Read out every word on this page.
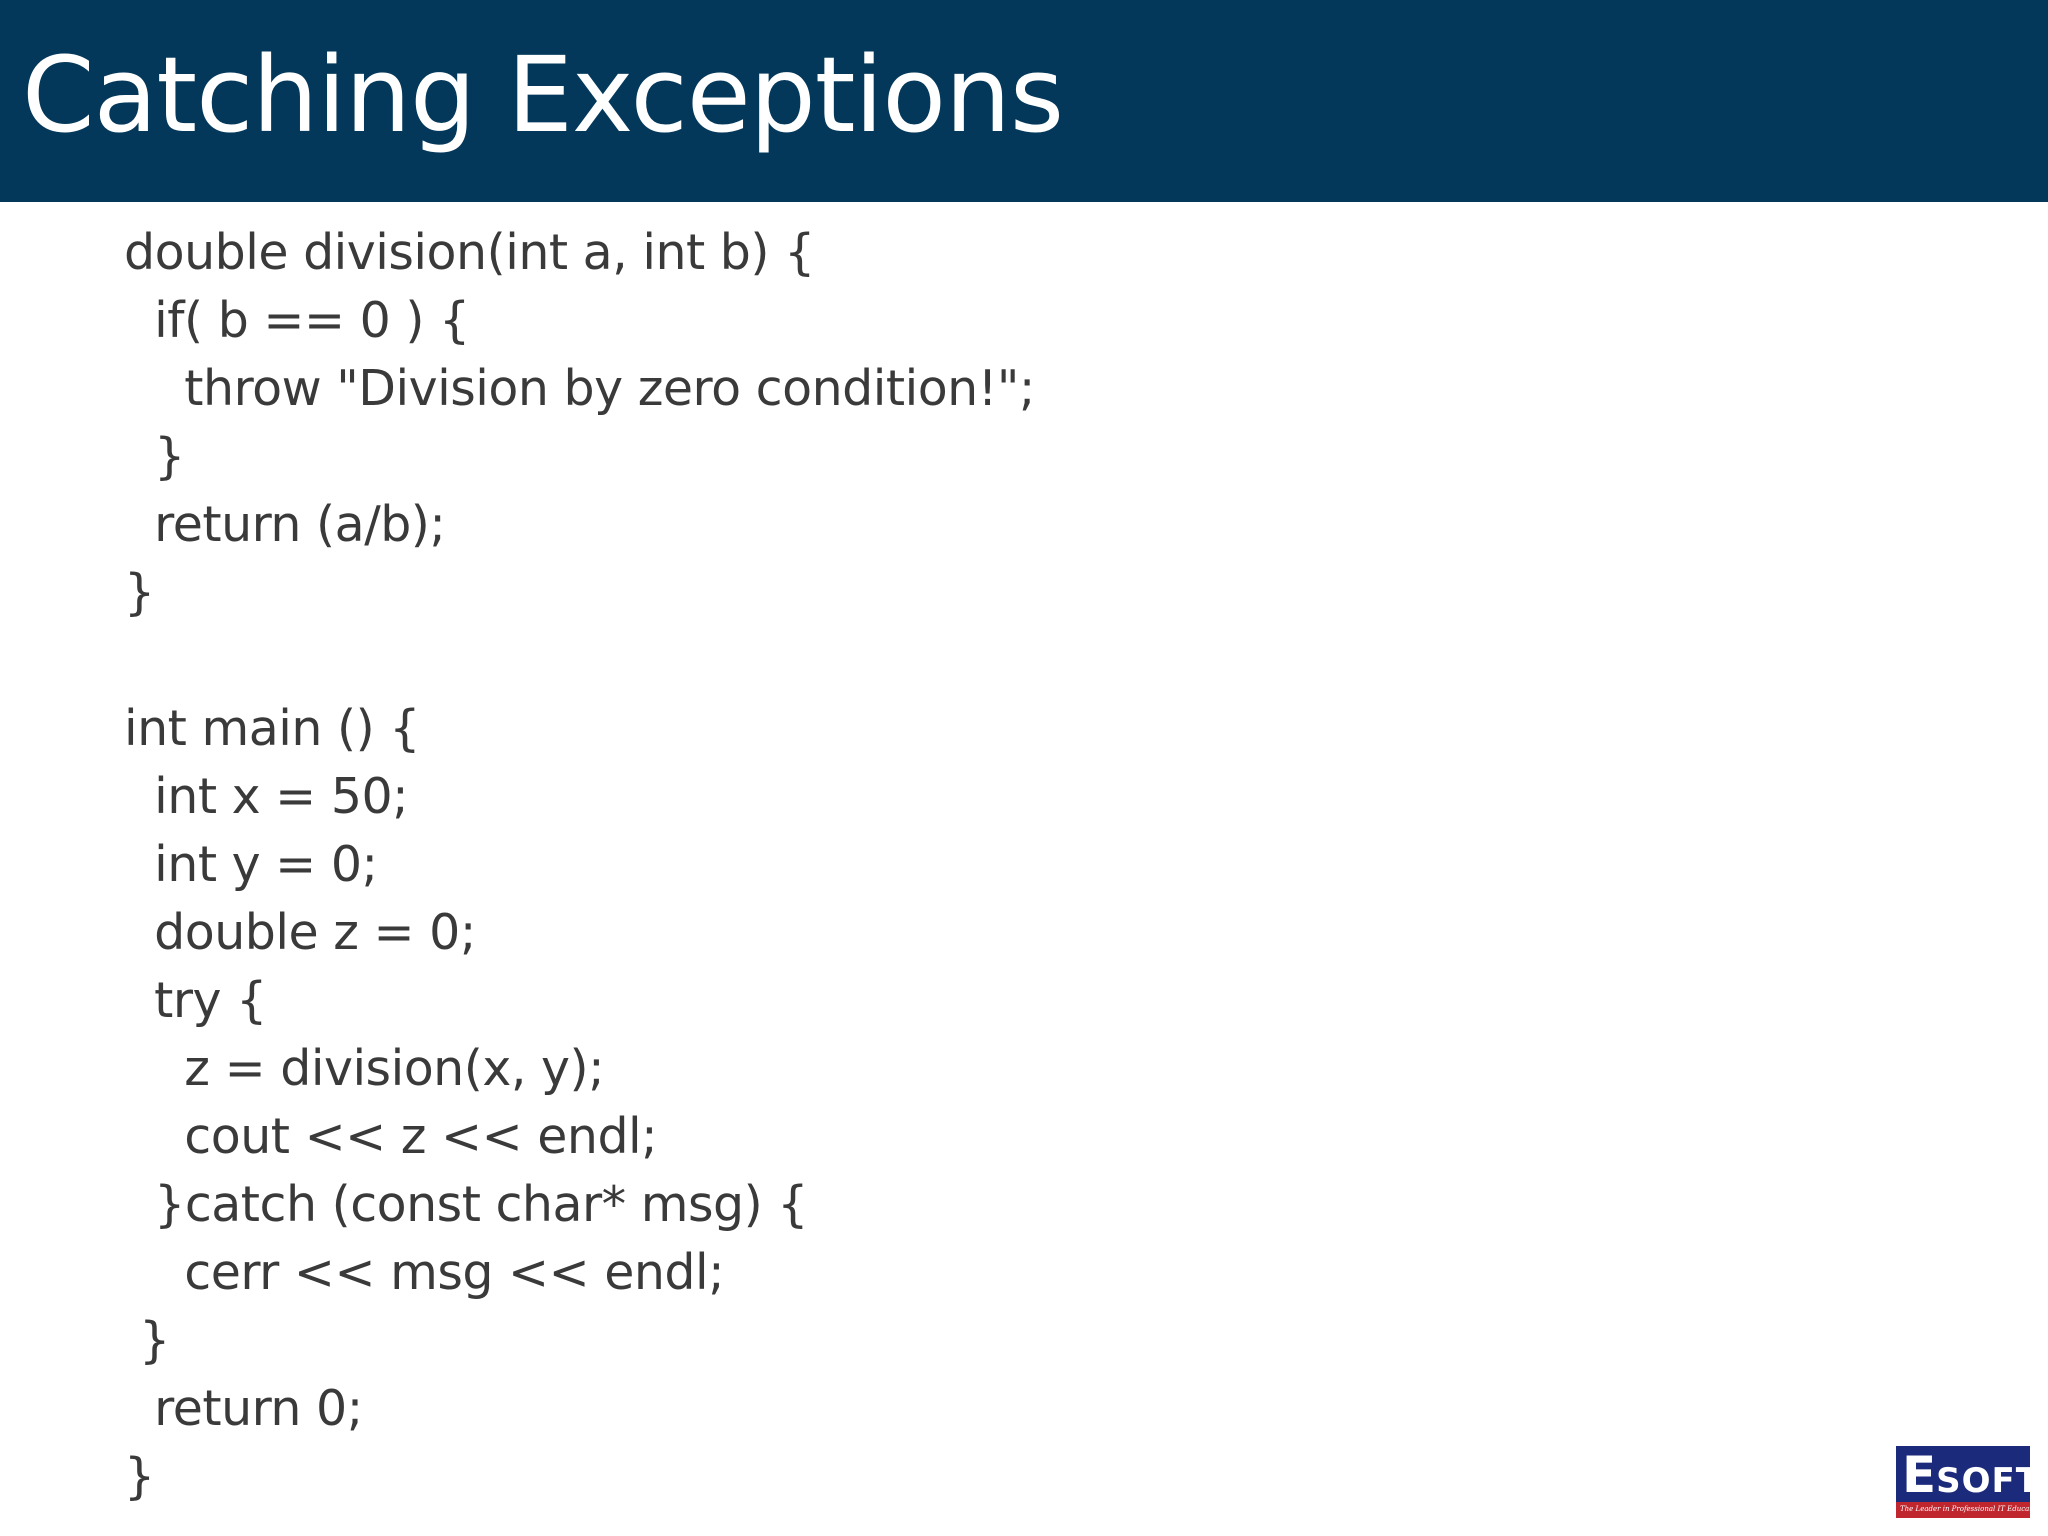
Catching Exceptions
double division(int a, int b) {
if( b == 0 ) {
throw "Division by zero condition!";
}
return (a/b);
}
int main () {
int x = 50;
int y = 0;
double z = 0;
try {
z = division(x, y);
cout << z << endl;
}catch (const char* msg) {
cerr << msg << endl;
}
return 0;
}	ESOFT
The Leader in Professional IT Education
